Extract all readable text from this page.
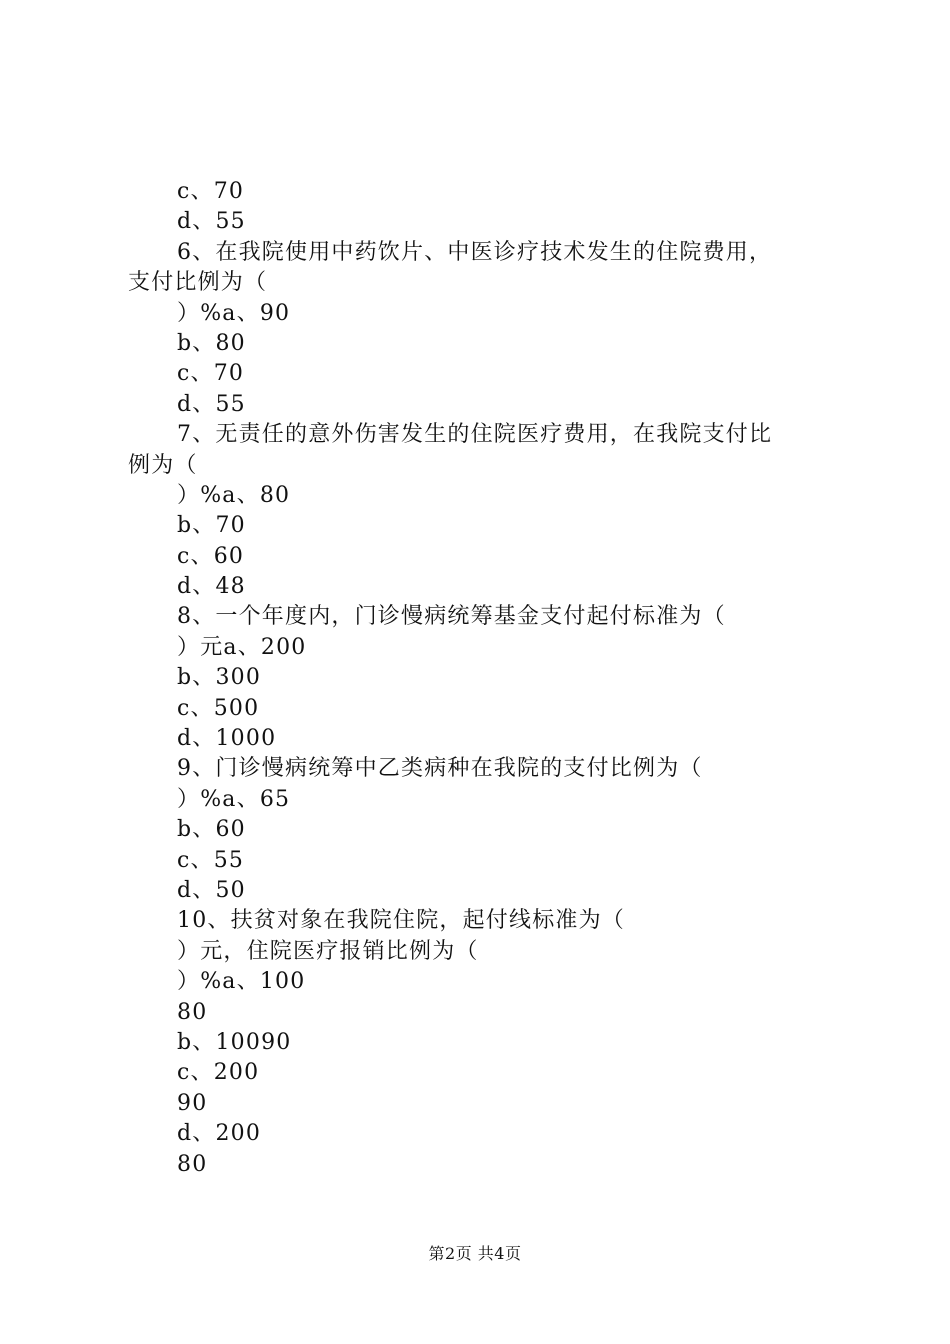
c、70
d、55
6、在我院使用中药饮片、中医诊疗技术发生的住院费用，
支付比例为（
）%a、90
b、80
c、70
d、55
7、无责任的意外伤害发生的住院医疗费用，在我院支付比
例为（
）%a、80
b、70
c、60
d、48
8、一个年度内，门诊慢病统筹基金支付起付标准为（
）元a、200
b、300
c、500
d、1000
9、门诊慢病统筹中乙类病种在我院的支付比例为（
）%a、65
b、60
c、55
d、50
10、扶贫对象在我院住院，起付线标准为（
）元，住院医疗报销比例为（
）%a、100
80
b、10090
c、200
90
d、200
80
第2页 共4页
